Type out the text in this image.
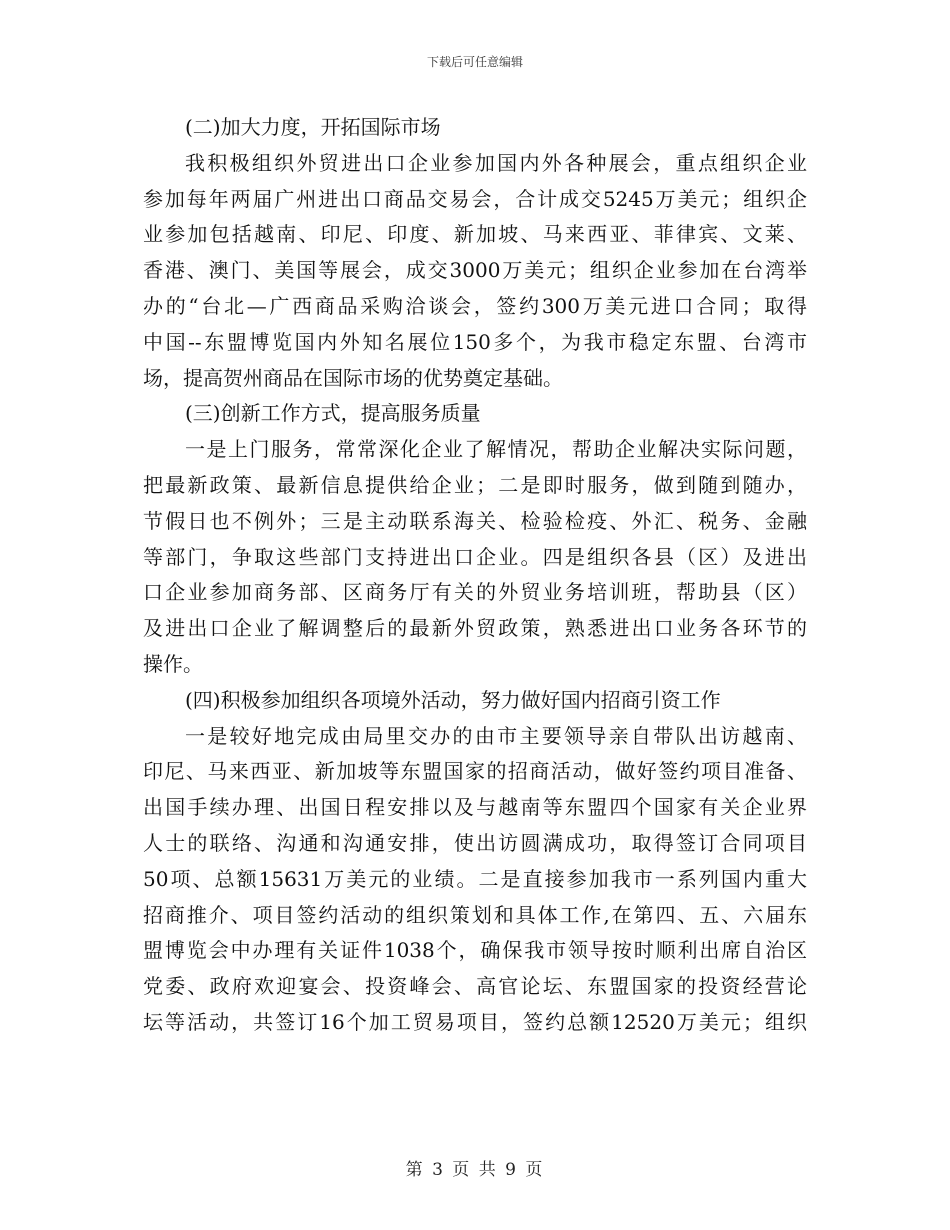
下载后可任意编辑
(二)加大力度，开拓国际市场
我积极组织外贸进出口企业参加国内外各种展会，重点组织企业
参加每年两届广州进出口商品交易会，合计成交5245万美元；组织企
业参加包括越南、印尼、印度、新加坡、马来西亚、菲律宾、文莱、
香港、澳门、美国等展会，成交3000万美元；组织企业参加在台湾举
办的“台北—广西商品采购洽谈会，签约300万美元进口合同；取得
中国--东盟博览国内外知名展位150多个，为我市稳定东盟、台湾市
场，提高贺州商品在国际市场的优势奠定基础。
(三)创新工作方式，提高服务质量
一是上门服务，常常深化企业了解情况，帮助企业解决实际问题，
把最新政策、最新信息提供给企业；二是即时服务，做到随到随办，
节假日也不例外；三是主动联系海关、检验检疫、外汇、税务、金融
等部门，争取这些部门支持进出口企业。四是组织各县（区）及进出
口企业参加商务部、区商务厅有关的外贸业务培训班，帮助县（区）
及进出口企业了解调整后的最新外贸政策，熟悉进出口业务各环节的
操作。
(四)积极参加组织各项境外活动，努力做好国内招商引资工作
一是较好地完成由局里交办的由市主要领导亲自带队出访越南、
印尼、马来西亚、新加坡等东盟国家的招商活动，做好签约项目准备、
出国手续办理、出国日程安排以及与越南等东盟四个国家有关企业界
人士的联络、沟通和沟通安排，使出访圆满成功，取得签订合同项目
50项、总额15631万美元的业绩。二是直接参加我市一系列国内重大
招商推介、项目签约活动的组织策划和具体工作,在第四、五、六届东
盟博览会中办理有关证件1038个，确保我市领导按时顺利出席自治区
党委、政府欢迎宴会、投资峰会、高官论坛、东盟国家的投资经营论
坛等活动，共签订16个加工贸易项目，签约总额12520万美元；组织
第 3 页 共 9 页
